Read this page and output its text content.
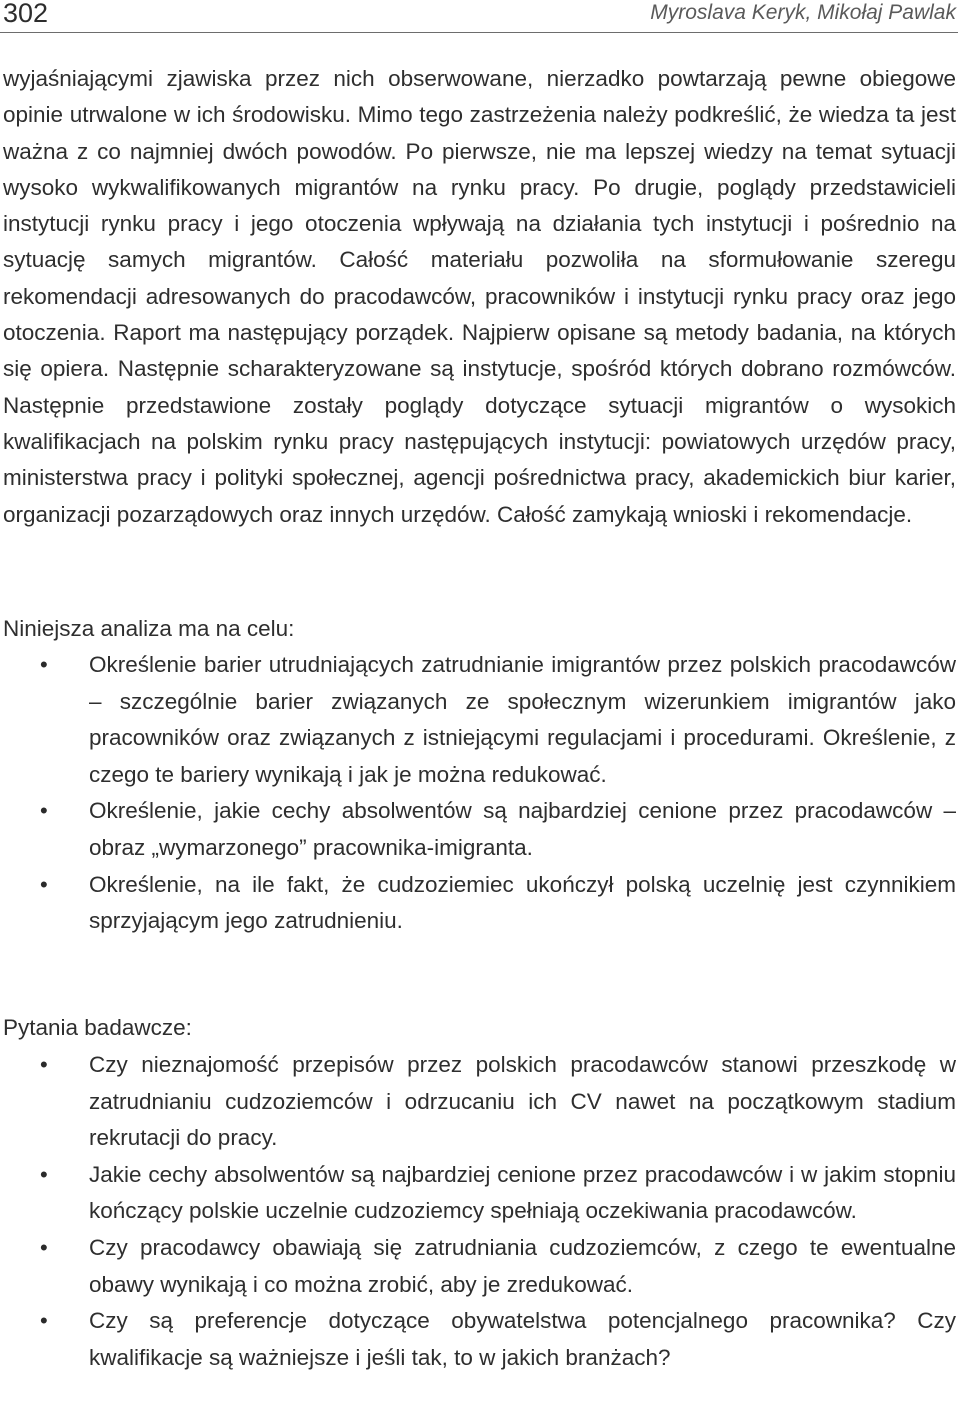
302	Myroslava Keryk, Mikołaj Pawlak

wyjaśniającymi zjawiska przez nich obserwowane, nierzadko powtarzają pewne obiegowe opinie utrwalone w ich środowisku. Mimo tego zastrzeżenia należy podkreślić, że wiedza ta jest ważna z co najmniej dwóch powodów. Po pierwsze, nie ma lepszej wiedzy na temat sytuacji wysoko wykwalifikowanych migrantów na rynku pracy. Po drugie, poglądy przedstawicieli instytucji rynku pracy i jego otoczenia wpływają na działania tych instytucji i pośrednio na sytuację samych migrantów. Całość materiału pozwoliła na sformułowanie szeregu rekomendacji adresowanych do pracodawców, pracowników i instytucji rynku pracy oraz jego otoczenia. Raport ma następujący porządek. Najpierw opisane są metody badania, na których się opiera. Następnie scharakteryzowane są instytucje, spośród których dobrano rozmówców. Następnie przedstawione zostały poglądy dotyczące sytuacji migrantów o wysokich kwalifikacjach na polskim rynku pracy następujących instytucji: powiatowych urzędów pracy, ministerstwa pracy i polityki społecznej, agencji pośrednictwa pracy, akademickich biur karier, organizacji pozarządowych oraz innych urzędów. Całość zamykają wnioski i rekomendacje.

Niniejsza analiza ma na celu:
• Określenie barier utrudniających zatrudnianie imigrantów przez polskich pracodawców – szczególnie barier związanych ze społecznym wizerunkiem imigrantów jako pracowników oraz związanych z istniejącymi regulacjami i procedurami. Określenie, z czego te bariery wynikają i jak je można redukować.
• Określenie, jakie cechy absolwentów są najbardziej cenione przez pracodawców – obraz „wymarzonego” pracownika-imigranta.
• Określenie, na ile fakt, że cudzoziemiec ukończył polską uczelnię jest czynnikiem sprzyjającym jego zatrudnieniu.
Pytania badawcze:
• Czy nieznajomość przepisów przez polskich pracodawców stanowi przeszkodę w zatrudnianiu cudzoziemców i odrzucaniu ich CV nawet na początkowym stadium rekrutacji do pracy.
• Jakie cechy absolwentów są najbardziej cenione przez pracodawców i w jakim stopniu kończący polskie uczelnie cudzoziemcy spełniają oczekiwania pracodawców.
• Czy pracodawcy obawiają się zatrudniania cudzoziemców, z czego te ewentualne obawy wynikają i co można zrobić, aby je zredukować.
• Czy są preferencje dotyczące obywatelstwa potencjalnego pracownika? Czy kwalifikacje są ważniejsze i jeśli tak, to w jakich branżach?
